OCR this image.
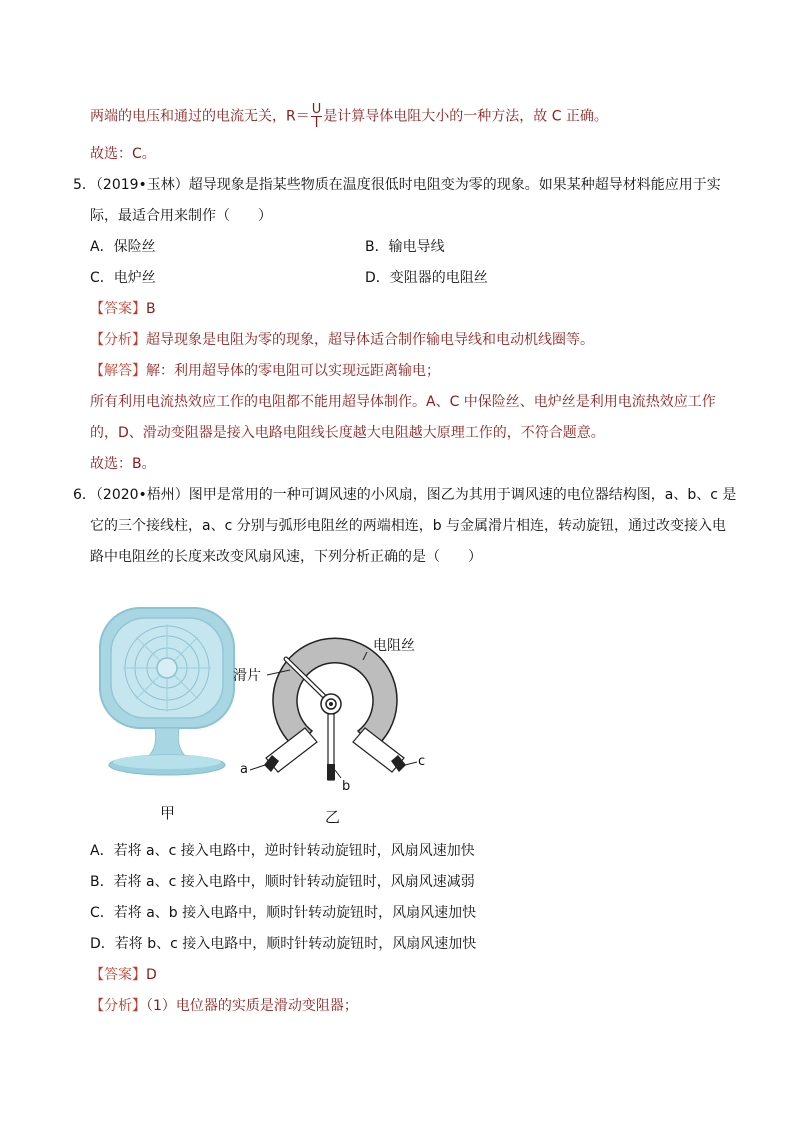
两端的电压和通过的电流无关，$R= \frac{U}{I}$ 是计算导体电阻大小的一种方法，故 C 正确。
故选：C。
5．（2019•玉林）超导现象是指某些物质在温度很低时电阻变为零的现象。如果某种超导材料能应用于实
际，最适合用来制作（　　）
A．保险丝	B．输电导线
C．电炉丝	D．变阻器的电阻丝
【答案】B
【分析】超导现象是电阻为零的现象，超导体适合制作输电导线和电动机线圈等。
【解答】解：利用超导体的零电阻可以实现远距离输电；
所有利用电流热效应工作的电阻都不能用超导体制作。A、C 中保险丝、电炉丝是利用电流热效应工作
的，D、滑动变阻器是接入电路电阻线长度越大电阻越大原理工作的，不符合题意。
故选：B。
6．（2020•梧州）图甲是常用的一种可调风速的小风扇，图乙为其用于调风速的电位器结构图，a、b、c 是
它的三个接线柱，a、c 分别与弧形电阻丝的两端相连，b 与金属滑片相连，转动旋钮，通过改变接入电
路中电阻丝的长度来改变风扇风速，下列分析正确的是（　　）
电阻丝
滑片
a
b
c
甲	乙
A．若将 a、c 接入电路中，逆时针转动旋钮时，风扇风速加快
B．若将 a、c 接入电路中，顺时针转动旋钮时，风扇风速减弱
C．若将 a、b 接入电路中，顺时针转动旋钮时，风扇风速加快
D．若将 b、c 接入电路中，顺时针转动旋钮时，风扇风速加快
【答案】D
【分析】（1）电位器的实质是滑动变阻器；
